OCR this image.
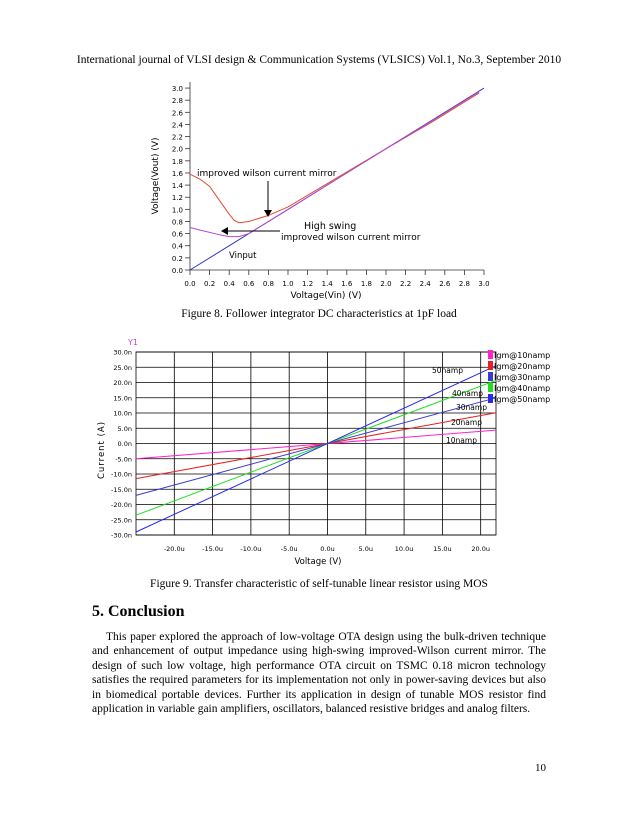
International journal of VLSI design & Communication Systems (VLSICS) Vol.1, No.3, September 2010
0.0
0.2
0.4
0.6
0.8
1.0
1.2
1.4
1.6
1.8
2.0
2.2
2.4
2.6
2.8
3.0
0.0 0.2 0.4 0.6 0.8 1.0 1.2 1.4 1.6 1.8 2.0 2.2 2.4 2.6 2.8 3.0
Voltage(Vout) (V)
Voltage(Vin) (V)
improved wilson current mirror
High swing
improved wilson current mirror
Vinput
Figure 8. Follower integrator DC characteristics at 1pF load
Y1
30.0n
25.0n
20.0n
15.0n
10.0n
5.0n
0.0n
-5.0n
-10.0n
-15.0n
-20.0n
-25.0n
-30.0n
-20.0u	-15.0u	-10.0u	-5.0u	0.0u	5.0u	10.0u	15.0u	20.0u
10namp
20namp
30namp
40namp
50namp
Igm@10namp
Igm@20namp
Igm@30namp
Igm@40namp
Igm@50namp
Current (A)
Voltage (V)
Figure 9. Transfer characteristic of self-tunable linear resistor using MOS
5. Conclusion
This paper explored the approach of low-voltage OTA design using the bulk-driven technique and enhancement of output impedance using high-swing improved-Wilson current mirror. The design of such low voltage, high performance OTA circuit on TSMC 0.18 micron technology satisfies the required parameters for its implementation not only in power-saving devices but also in biomedical portable devices. Further its application in design of tunable MOS resistor find application in variable gain amplifiers, oscillators, balanced resistive bridges and analog filters.
10
